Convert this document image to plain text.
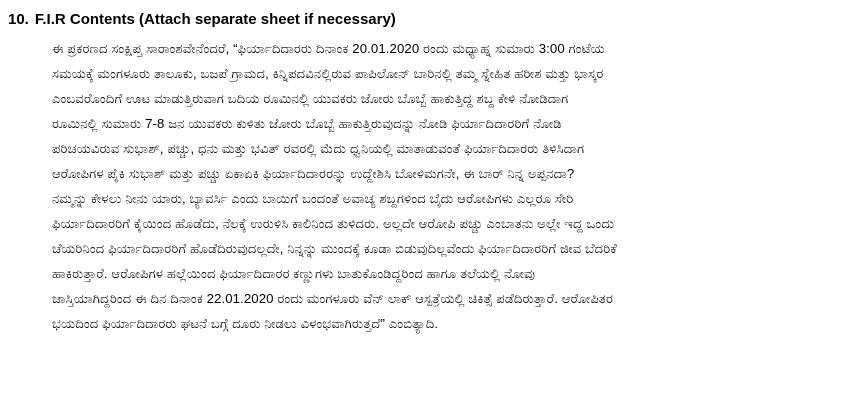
10. F.I.R Contents (Attach separate sheet if necessary)
ಈ ಪ್ರಕರಣದ ಸಂಕ್ಷಿಪ್ತ ಸಾರಾಂಶವೇನೆಂದರೆ, “ಫಿರ್ಯಾದಿದಾರರು ದಿನಾಂಕ 20.01.2020 ರಂದು ಮಧ್ಯಾಹ್ನ ಸುಮಾರು 3:00 ಗಂಟೆಯ
ಸಮಯಕ್ಕೆ ಮಂಗಳೂರು ತಾಲೂಕು, ಬಜಪೆ ಗ್ರಾಮದ, ಕಿನ್ನಿಪದವಿನಲ್ಲಿರುವ ಪಾಪಿಲೋನ್ ಬಾರಿನಲ್ಲಿ ತಮ್ಮ ಸ್ನೇಹಿತ ಹರೀಶ ಮತ್ತು ಭಾಸ್ಕರ
ಎಂಬವರೊಂದಿಗೆ ಊಟ ಮಾಡುತ್ತಿರುವಾಗ ಬದಿಯ ರೂಮಿನಲ್ಲಿ ಯುವಕರು ಜೋರು ಬೊಬ್ಬೆ ಹಾಕುತ್ತಿದ್ದ ಶಬ್ದ ಕೇಳಿ ನೋಡಿದಾಗ
ರೂಮಿನಲ್ಲಿ ಸುಮಾರು 7-8 ಜನ ಯುವಕರು ಕುಳಿತು ಜೋರು ಬೊಬ್ಬೆ ಹಾಕುತ್ತಿರುವುದನ್ನು ನೋಡಿ ಫಿರ್ಯಾದಿದಾರರಿಗೆ ನೋಡಿ
ಪರಿಚಯವಿರುವ ಸುಭಾಶ್, ಪಚ್ಚು, ಧನು ಮತ್ತು ಭವಿತ್ ರವರಲ್ಲಿ ಮೆದು ಧ್ವನಿಯಲ್ಲಿ ಮಾತಾಡುವಂತೆ ಫಿರ್ಯಾದಿದಾರರು ತಿಳಿಸಿದಾಗ
ಆರೋಪಿಗಳ ಪೈಕಿ ಸುಭಾಶ್ ಮತ್ತು ಪಚ್ಚು ಏಕಾಏಕಿ ಫಿರ್ಯಾದಿದಾರರನ್ನು ಉದ್ದೇಶಿಸಿ ಬೋಳಿಮಗನೇ, ಈ ಬಾರ್ ನಿನ್ನ ಅಪ್ಪನದಾ?
ನಮ್ಮನ್ನು ಕೇಳಲು ನೀನು ಯಾರು, ಬ್ಯಾವರ್ಸಿ ಎಂದು ಬಾಯಿಗೆ ಬಂದಂತೆ ಅವಾಚ್ಯ ಶಬ್ದಗಳಿಂದ ಬೈದು ಆರೋಪಿಗಳು ಎಲ್ಲರೂ ಸೇರಿ
ಫಿರ್ಯಾದಿದಾರರಿಗೆ ಕೈಯಿಂದ ಹೊಡೆದು, ನೆಲಕ್ಕೆ ಉರುಳಿಸಿ ಕಾಲಿನಿಂದ ತುಳಿದರು. ಅಲ್ಲದೇ ಆರೋಪಿ ಪಚ್ಚು ಎಂಬಾತನು ಅಲ್ಲೇ ಇದ್ದ ಒಂದು
ಚೆಯರಿನಿಂದ ಫಿರ್ಯಾದಿದಾರರಿಗೆ ಹೊಡೆದಿರುವುದಲ್ಲದೇ, ನಿನ್ನನ್ನು ಮುಂದಕ್ಕೆ ಕೂಡಾ ಬಿಡುವುದಿಲ್ಲವೆಂದು ಫಿರ್ಯಾದಿದಾರರಿಗೆ ಜೀವ ಬೆದರಿಕೆ
ಹಾಕಿರುತ್ತಾರೆ. ಆರೋಪಿಗಳ ಹಲ್ಲೆಯಿಂದ ಫಿರ್ಯಾದಿದಾರರ ಕಣ್ಣುಗಳು ಬಾತುಕೊಂಡಿದ್ದರಿಂದ ಹಾಗೂ ತಲೆಯಲ್ಲಿ ನೋವು
ಜಾಸ್ತಿಯಾಗಿದ್ದರಿಂದ ಈ ದಿನ ದಿನಾಂಕ 22.01.2020 ರಂದು ಮಂಗಳೂರು ವೆನ್ ಲಾಕ್ ಆಸ್ಪತ್ರೆಯಲ್ಲಿ ಚಿಕಿತ್ಸೆ ಪಡೆದಿರುತ್ತಾರೆ. ಆರೋಪಿತರ
ಭಯದಿಂದ ಫಿರ್ಯಾದಿದಾರರು ಘಟನೆ ಬಗ್ಗೆ ದೂರು ನೀಡಲು ವಿಳಂಭವಾಗಿರುತ್ತದೆ” ಎಂಬಿತ್ಯಾದಿ.
